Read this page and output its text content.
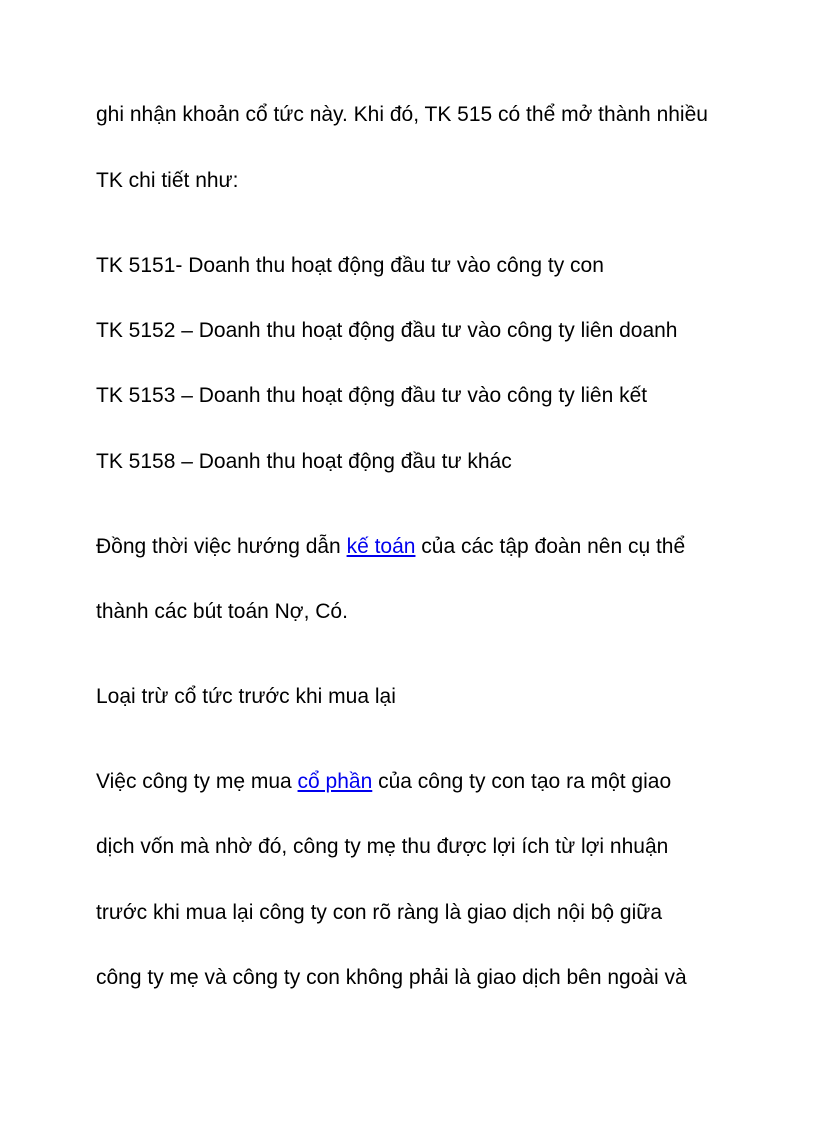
ghi nhận khoản cổ tức này. Khi đó, TK 515 có thể mở thành nhiều

TK chi tiết như:

TK 5151- Doanh thu hoạt động đầu tư vào công ty con

TK 5152 – Doanh thu hoạt động đầu tư vào công ty liên doanh

TK 5153 – Doanh thu hoạt động đầu tư vào công ty liên kết

TK 5158 – Doanh thu hoạt động đầu tư khác

Đồng thời việc hướng dẫn kế toán của các tập đoàn nên cụ thể

thành các bút toán Nợ, Có.

Loại trừ cổ tức trước khi mua lại

Việc công ty mẹ mua cổ phần của công ty con tạo ra một giao

dịch vốn mà nhờ đó, công ty mẹ thu được lợi ích từ lợi nhuận

trước khi mua lại công ty con rõ ràng là giao dịch nội bộ giữa

công ty mẹ và công ty con không phải là giao dịch bên ngoài và
